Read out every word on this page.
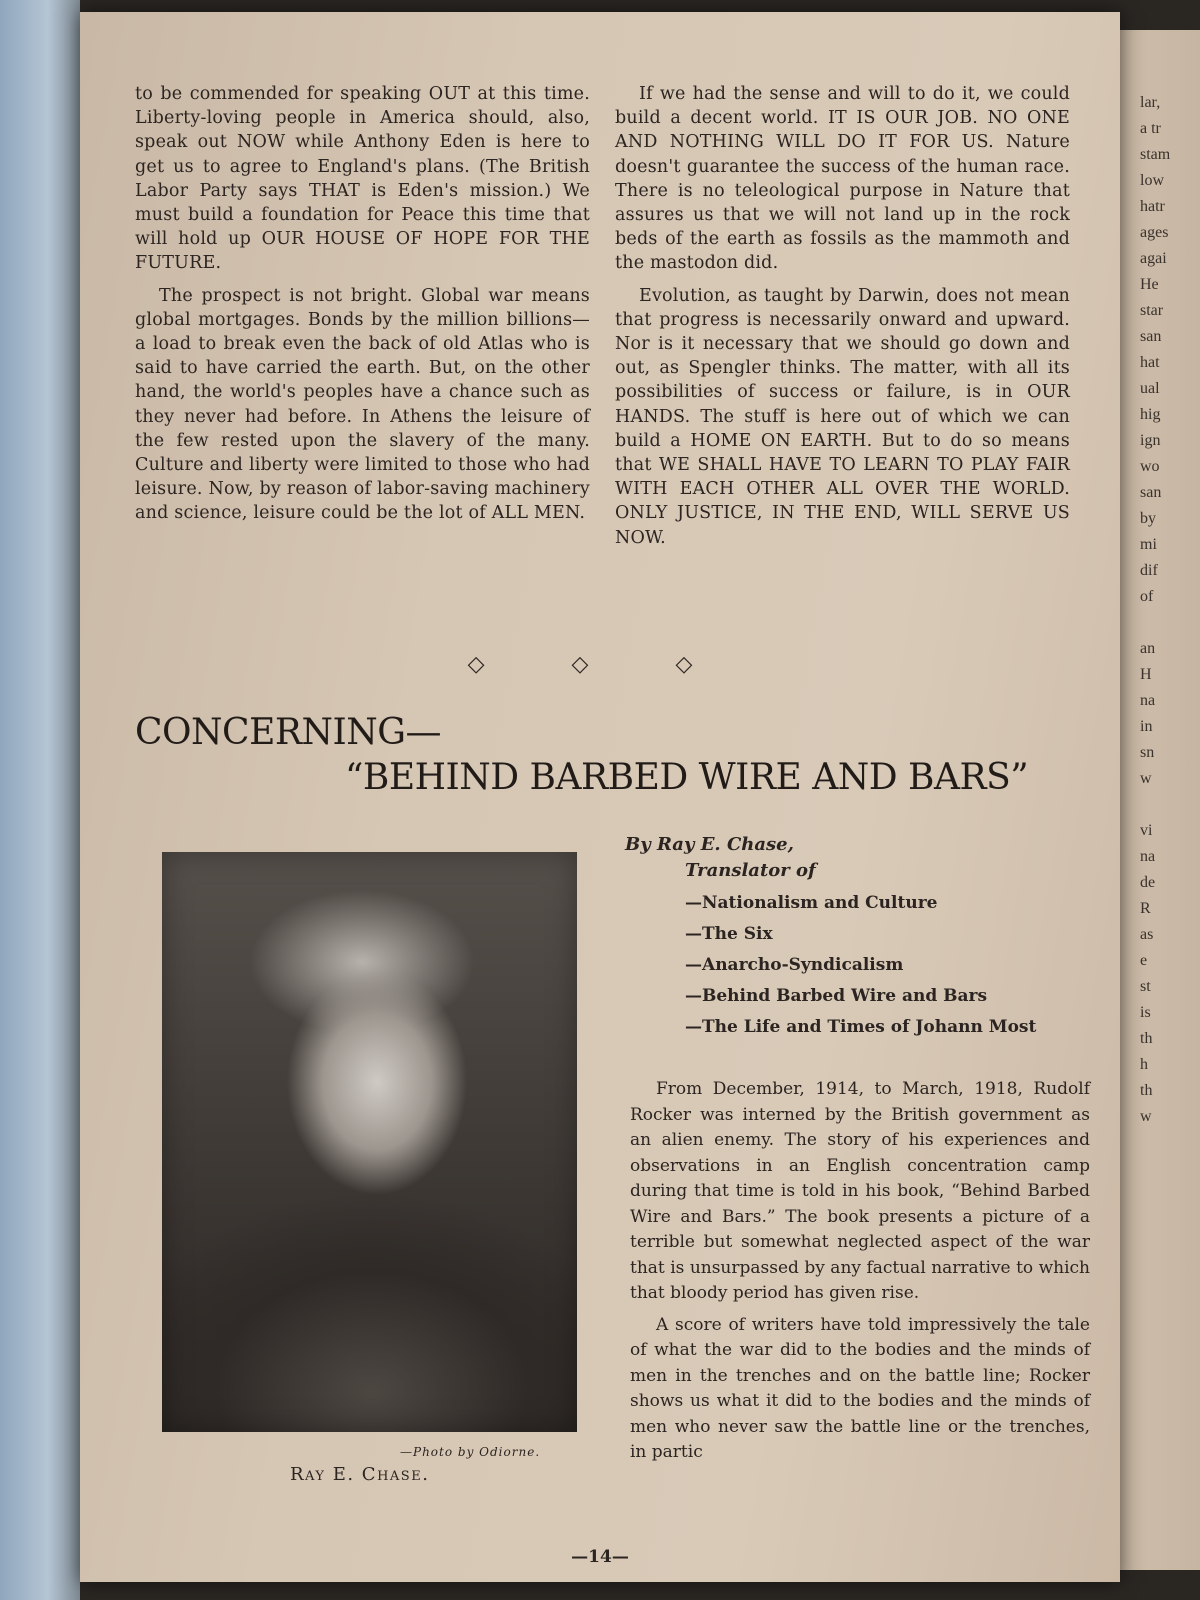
lar,
a tr
stam
low
hatr
ages
agai
He
star
san
hat
ual
hig
ign
wo
san
by
mi
dif
of

an
H
na
in
sn
w

vi
na
de
R
as
e
st
is
th
h
th
w

to be commended for speaking OUT at this time. Liberty-loving people in America should, also, speak out NOW while Anthony Eden is here to get us to agree to England's plans. (The British Labor Party says THAT is Eden's mission.) We must build a foundation for Peace this time that will hold up OUR HOUSE OF HOPE FOR THE FUTURE.

The prospect is not bright. Global war means global mortgages. Bonds by the million billions—a load to break even the back of old Atlas who is said to have carried the earth. But, on the other hand, the world's peoples have a chance such as they never had before. In Athens the leisure of the few rested upon the slavery of the many. Culture and liberty were limited to those who had leisure. Now, by reason of labor-saving machinery and science, leisure could be the lot of ALL MEN.

If we had the sense and will to do it, we could build a decent world. IT IS OUR JOB. NO ONE AND NOTHING WILL DO IT FOR US. Nature doesn't guarantee the success of the human race. There is no teleological purpose in Nature that assures us that we will not land up in the rock beds of the earth as fossils as the mammoth and the mastodon did.

Evolution, as taught by Darwin, does not mean that progress is necessarily onward and upward. Nor is it necessary that we should go down and out, as Spengler thinks. The matter, with all its possibilities of success or failure, is in OUR HANDS. The stuff is here out of which we can build a HOME ON EARTH. But to do so means that WE SHALL HAVE TO LEARN TO PLAY FAIR WITH EACH OTHER ALL OVER THE WORLD. ONLY JUSTICE, IN THE END, WILL SERVE US NOW.

◇ ◇ ◇
CONCERNING—
“BEHIND BARBED WIRE AND BARS”
—Photo by Odiorne.
Ray E. Chase.
By Ray E. Chase,
Translator of
—Nationalism and Culture
—The Six
—Anarcho-Syndicalism
—Behind Barbed Wire and Bars
—The Life and Times of Johann Most

From December, 1914, to March, 1918, Rudolf Rocker was interned by the British government as an alien enemy. The story of his experiences and observations in an English concentration camp during that time is told in his book, “Behind Barbed Wire and Bars.” The book presents a picture of a terrible but somewhat neglected aspect of the war that is unsurpassed by any factual narrative to which that bloody period has given rise.

A score of writers have told impressively the tale of what the war did to the bodies and the minds of men in the trenches and on the battle line; Rocker shows us what it did to the bodies and the minds of men who never saw the battle line or the trenches, in partic

—14—
